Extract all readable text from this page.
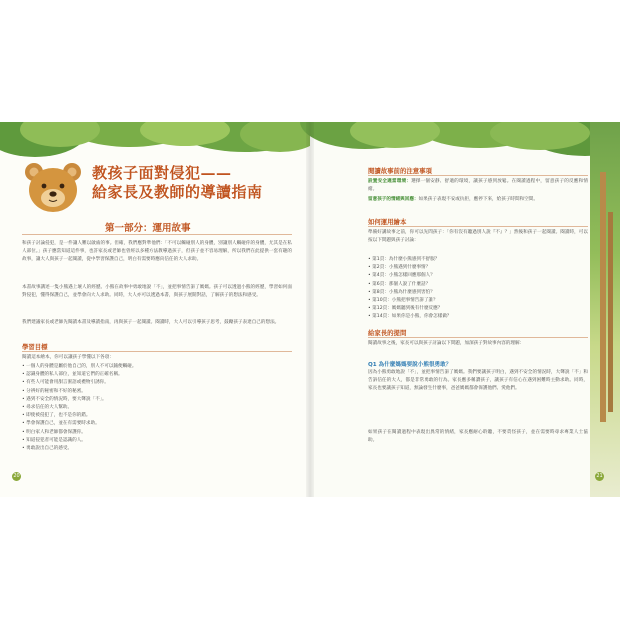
教孩子面對侵犯——
給家長及教師的導讀指南
第一部分：運用故事
和孩子討論侵犯，是一件讓人難以啟齒的事。但確，我們應對準他們：「不可以觸碰別人的身體，別讓別人觸碰你的身體，尤其是在私人部位。」孩子應當知道這件事，也許家長或老師也曾經以多種方法教導過孩子，但孩子並不容易理解，所以我們在此提供一套有趣的故事，讓大人與孩子一起閱讀，從中學習保護自己，明白有需要時應向信任的大人求助。
本書故事講述一隻小熊遇上壞人的經歷。小熊在故事中勇敢地說「不」，並把事情告訴了媽媽。孩子可以透過小熊的經歷，學習如何面對侵犯，懂得保護自己，並學會向大人求助。同時，大人亦可以透過本書，與孩子展開對話，了解孩子的想法和感受。
我們建議家長或老師先閱讀本書及導讀指南，再與孩子一起閱讀。閱讀時，大人可以引導孩子思考，鼓勵孩子表達自己的想法。
學習目標
閱讀這本繪本，你可以讓孩子學懂以下各項：
• 一個人的身體是屬於他自己的，別人不可以隨便觸碰。
• 認識身體的私人部位，並知道它們的正確名稱。
• 有些人可能會用甜言蜜語或禮物引誘你。
• 分辨好的秘密和不好的秘密。
• 遇到不安全的情況時，要大聲說「不」。
• 尋求信任的大人幫助。
• 即使被侵犯了，也不是你的錯。
• 學會保護自己，並在有需要時求助。
• 明白家人和老師都會保護你。
• 知道侵犯者可能是認識的人。
• 勇敢說出自己的感受。
20
閱讀故事前的注意事項
設置安全適當環境：選擇一個安靜、舒適的環境，讓孩子感到放鬆。在閱讀過程中，留意孩子的反應和情緒。
留意孩子的情緒與回應：如果孩子表現不安或抗拒，應停下來，給孩子時間和空間。
如何運用繪本
準備好講故事之前，你可以先問孩子：「你有沒有聽過別人說『不』？」然後和孩子一起閱讀。閱讀時，可以按以下問題與孩子討論：
• 第1頁：為什麼小熊感到不舒服？
• 第2頁：小熊遇到什麼事情？
• 第4頁：小熊怎樣回應那個人？
• 第6頁：那個人說了什麼話？
• 第8頁：小熊為什麼感到害怕？
• 第10頁：小熊把事情告訴了誰？
• 第12頁：媽媽聽到後有什麼反應？
• 第14頁：如果你是小熊，你會怎樣做？
給家長的提問
閱讀故事之後，家長可以與孩子討論以下問題，加深孩子對故事內容的理解：
Q1 為什麼媽媽要說小熊很勇敢？
因為小熊勇敢地說「不」，並把事情告訴了媽媽。我們要讓孩子明白，遇到不安全的情況時，大聲說「不」和告訴信任的大人，都是非常勇敢的行為。家長應多稱讚孩子，讓孩子有信心在遇到困難時主動求助。同時，家長也要讓孩子知道，無論發生什麼事，爸爸媽媽都會保護他們、愛他們。
如果孩子在閱讀過程中表現出異常的情緒，家長應耐心聆聽，不要責怪孩子，並在需要時尋求專業人士協助。
21
